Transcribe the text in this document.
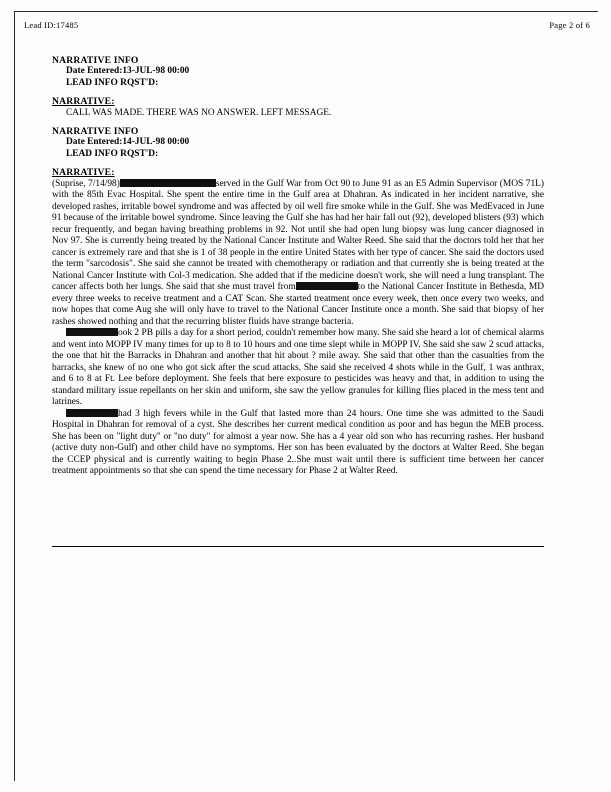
Lead ID:17485	Page 2 of 6
NARRATIVE INFO
Date Entered:13-JUL-98 00:00
LEAD INFO RQST'D:
NARRATIVE:
CALL WAS MADE. THERE WAS NO ANSWER. LEFT MESSAGE.
NARRATIVE INFO
Date Entered:14-JUL-98 00:00
LEAD INFO RQST'D:
NARRATIVE:

(Suprise, 7/14/98)	served in the Gulf War from Oct 90 to June 91 as an E5 Admin Supervisor (MOS 71L) with the 85th Evac Hospital. She spent the entire time in the Gulf area at Dhahran. As indicated in her incident narrative, she developed rashes, irritable bowel syndrome and was affected by oil well fire smoke while in the Gulf. She was MedEvaced in June 91 because of the irritable bowel syndrome. Since leaving the Gulf she has had her hair fall out (92), developed blisters (93) which recur frequently, and began having breathing problems in 92. Not until she had open lung biopsy was lung cancer diagnosed in Nov 97. She is currently being treated by the National Cancer Institute and Walter Reed. She said that the doctors told her that her cancer is extremely rare and that she is 1 of 38 people in the entire United States with her type of cancer. She said the doctors used the term "sarcodosis". She said she cannot be treated with chemotherapy or radiation and that currently she is being treated at the National Cancer Institute with Col-3 medication. She added that if the medicine doesn't work, she will need a lung transplant. The cancer affects both her lungs. She said that she must travel from	to the National Cancer Institute in Bethesda, MD every three weeks to receive treatment and a CAT Scan. She started treatment once every week, then once every two weeks, and now hopes that come Aug she will only have to travel to the National Cancer Institute once a month. She said that biopsy of her rashes showed nothing and that the recurring blister fluids have strange bacteria.

ook 2 PB pills a day for a short period, couldn't remember how many. She said she heard a lot of chemical alarms and went into MOPP IV many times for up to 8 to 10 hours and one time slept while in MOPP IV. She said she saw 2 scud attacks, the one that hit the Barracks in Dhahran and another that hit about ? mile away. She said that other than the casualties from the barracks, she knew of no one who got sick after the scud attacks. She said she received 4 shots while in the Gulf, 1 was anthrax, and 6 to 8 at Ft. Lee before deployment. She feels that here exposure to pesticides was heavy and that, in addition to using the standard military issue repellants on her skin and uniform, she saw the yellow granules for killing flies placed in the mess tent and latrines.

had 3 high fevers while in the Gulf that lasted more than 24 hours. One time she was admitted to the Saudi Hospital in Dhahran for removal of a cyst. She describes her current medical condition as poor and has begun the MEB process. She has been on "light duty" or "no duty" for almost a year now. She has a 4 year old son who has recurring rashes. Her husband (active duty non-Gulf) and other child have no symptoms. Her son has been evaluated by the doctors at Walter Reed. She began the CCEP physical and is currently waiting to begin Phase 2..She must wait until there is sufficient time between her cancer treatment appointments so that she can spend the time necessary for Phase 2 at Walter Reed.
